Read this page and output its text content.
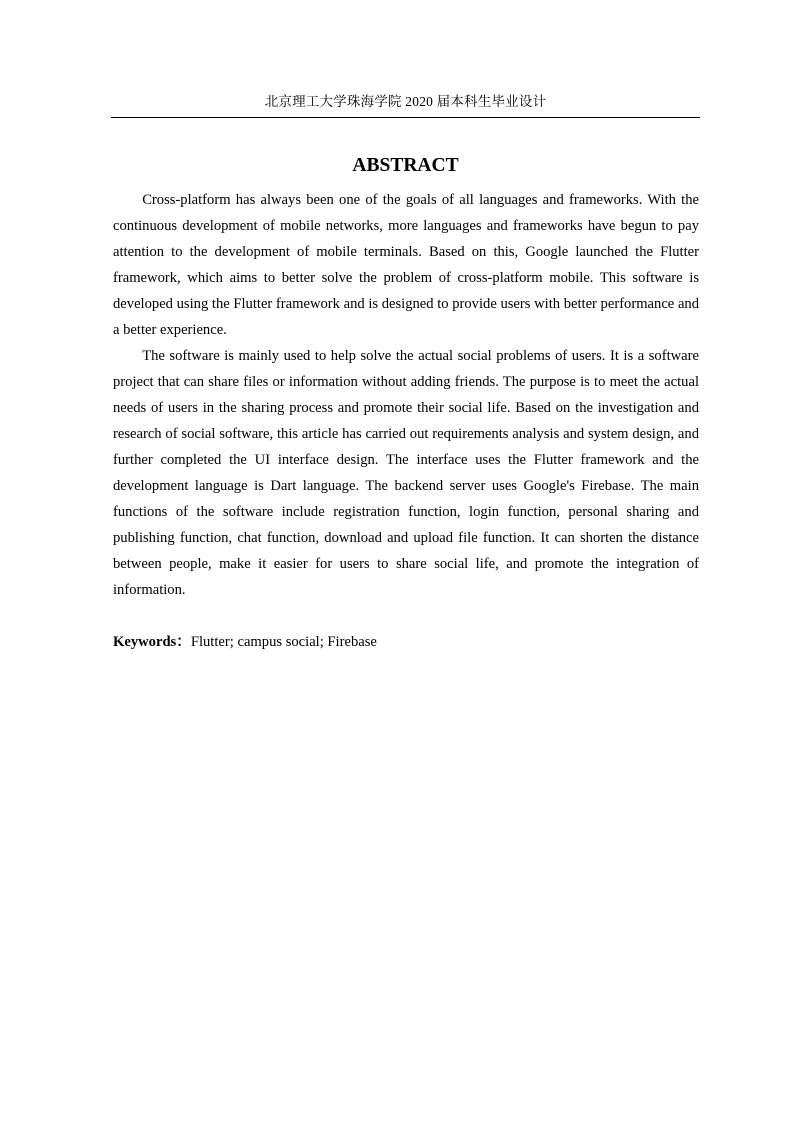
北京理工大学珠海学院 2020 届本科生毕业设计
ABSTRACT

Cross-platform has always been one of the goals of all languages and frameworks. With the continuous development of mobile networks, more languages and frameworks have begun to pay attention to the development of mobile terminals. Based on this, Google launched the Flutter framework, which aims to better solve the problem of cross-platform mobile. This software is developed using the Flutter framework and is designed to provide users with better performance and a better experience.

The software is mainly used to help solve the actual social problems of users. It is a software project that can share files or information without adding friends. The purpose is to meet the actual needs of users in the sharing process and promote their social life. Based on the investigation and research of social software, this article has carried out requirements analysis and system design, and further completed the UI interface design. The interface uses the Flutter framework and the development language is Dart language. The backend server uses Google's Firebase. The main functions of the software include registration function, login function, personal sharing and publishing function, chat function, download and upload file function. It can shorten the distance between people, make it easier for users to share social life, and promote the integration of information.

Keywords：Flutter; campus social; Firebase
